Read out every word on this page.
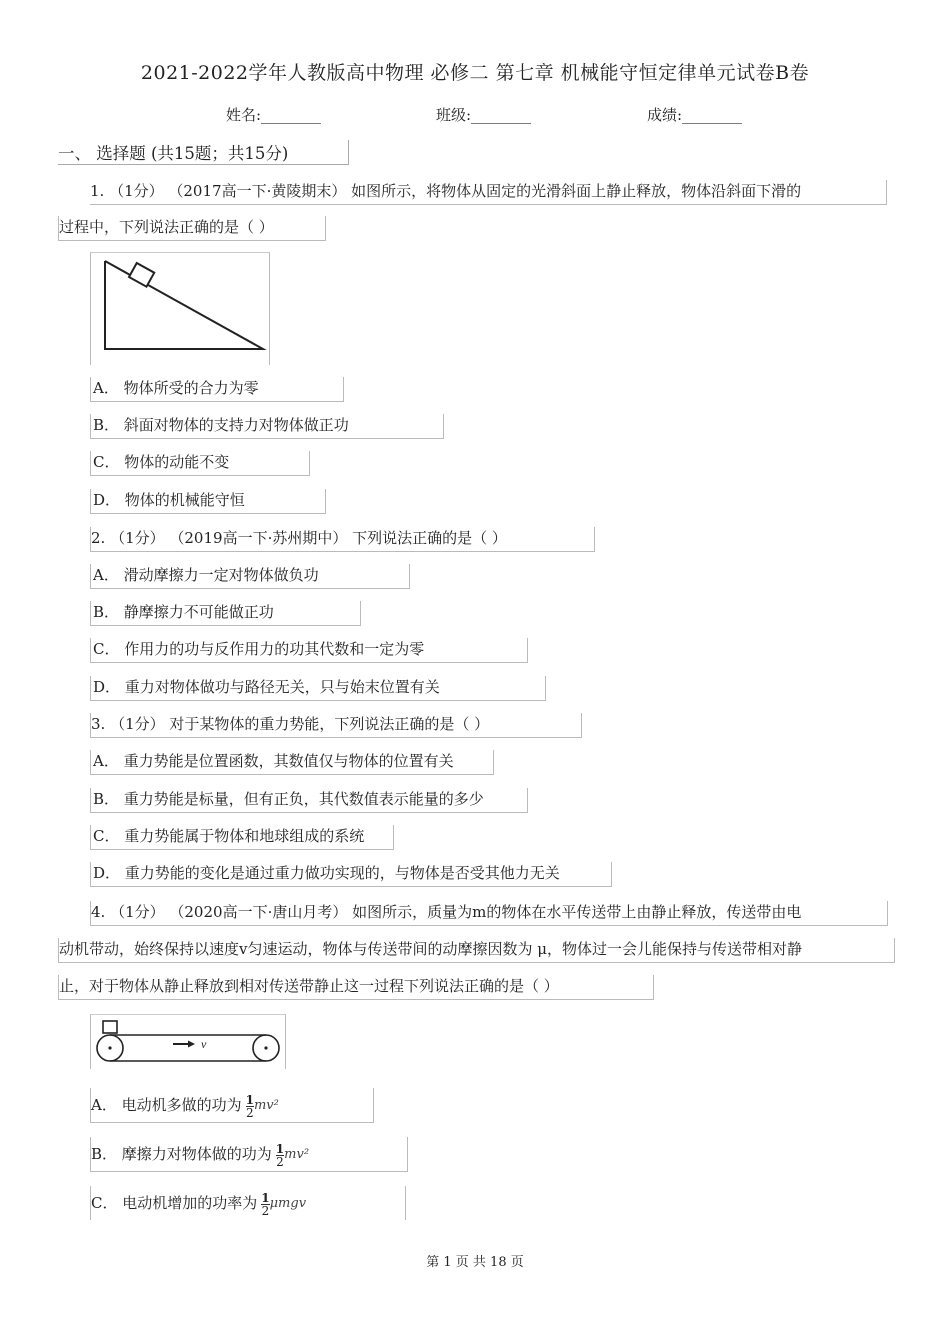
2021-2022学年人教版高中物理 必修二 第七章 机械能守恒定律单元试卷B卷
姓名:________	班级:________	成绩:________
一、 选择题 (共15题；共15分)
1. （1分） （2017高一下·黄陵期末） 如图所示，将物体从固定的光滑斜面上静止释放，物体沿斜面下滑的
过程中，下列说法正确的是（ ）
A． 物体所受的合力为零
B． 斜面对物体的支持力对物体做正功
C． 物体的动能不变
D． 物体的机械能守恒
2. （1分） （2019高一下·苏州期中） 下列说法正确的是（ ）
A． 滑动摩擦力一定对物体做负功
B． 静摩擦力不可能做正功
C． 作用力的功与反作用力的功其代数和一定为零
D． 重力对物体做功与路径无关，只与始末位置有关
3. （1分） 对于某物体的重力势能，下列说法正确的是（ ）
A． 重力势能是位置函数，其数值仅与物体的位置有关
B． 重力势能是标量，但有正负，其代数值表示能量的多少
C． 重力势能属于物体和地球组成的系统
D． 重力势能的变化是通过重力做功实现的，与物体是否受其他力无关
4. （1分） （2020高一下·唐山月考） 如图所示，质量为m的物体在水平传送带上由静止释放，传送带由电
动机带动，始终保持以速度v匀速运动，物体与传送带间的动摩擦因数为 μ，物体过一会儿能保持与传送带相对静
止，对于物体从静止释放到相对传送带静止这一过程下列说法正确的是（ ）
v
A． 电动机多做的功为 $\frac{1}{2} mv^2$
B． 摩擦力对物体做的功为 $\frac{1}{2} mv^2$
C． 电动机增加的功率为 $\frac{1}{2}$ μmgv
第 1 页 共 18 页
